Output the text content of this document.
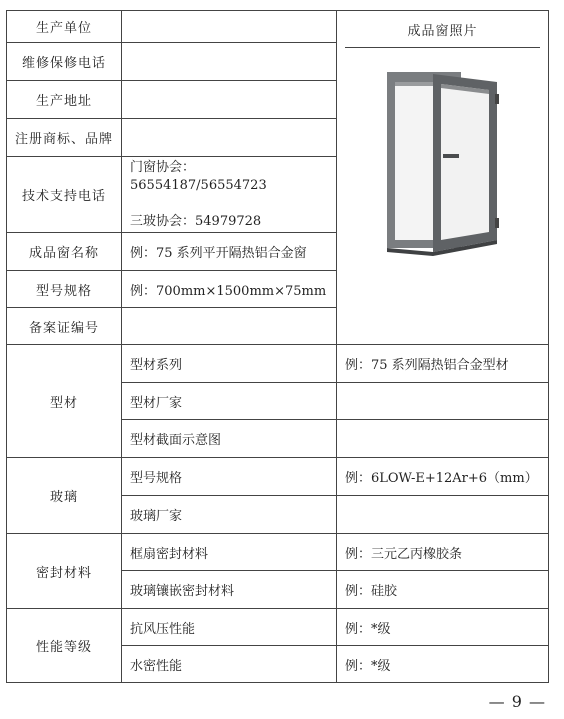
生产单位		成品窗照片

维修保修电话		
生产地址		
注册商标、品牌		
技术支持电话	门窗协会：56554187/56554723
三玻协会：54979728	

成品窗名称	例：75 系列平开隔热铝合金窗	
型号规格	例：700mm×1500mm×75mm	
备案证编号		
型材	型材系列	例：75 系列隔热铝合金型材
	型材厂家	
	型材截面示意图	
玻璃	型号规格	例：6LOW-E+12Ar+6（mm）
	玻璃厂家	
密封材料	框扇密封材料	例：三元乙丙橡胶条
	玻璃镶嵌密封材料	例：硅胶
性能等级	抗风压性能	例：*级
	水密性能	例：*级
— 9 —
